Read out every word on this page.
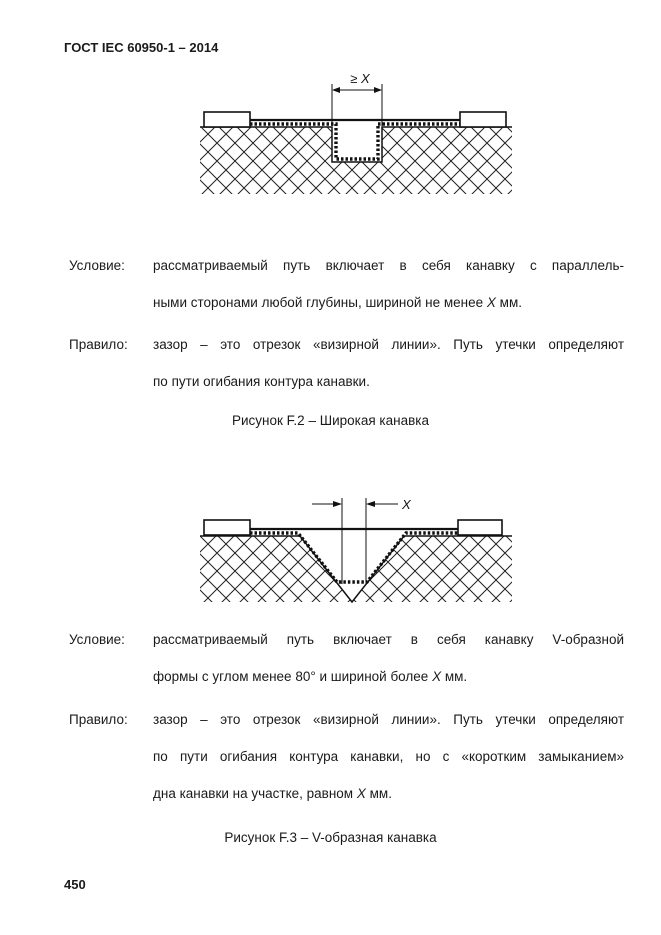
ГОСТ IEC 60950-1 – 2014
≥ X
Условие: рассматриваемый путь включает в себя канавку с параллель-
ными сторонами любой глубины, шириной не менее X мм.
Правило: зазор – это отрезок «визирной линии». Путь утечки определяют
по пути огибания контура канавки.
Рисунок F.2 – Широкая канавка
X
Условие: рассматриваемый путь включает в себя канавку V-образной
формы с углом менее 80° и шириной более X мм.
Правило: зазор – это отрезок «визирной линии». Путь утечки определяют
по пути огибания контура канавки, но с «коротким замыканием»
дна канавки на участке, равном X мм.
Рисунок F.3 – V-образная канавка
450
